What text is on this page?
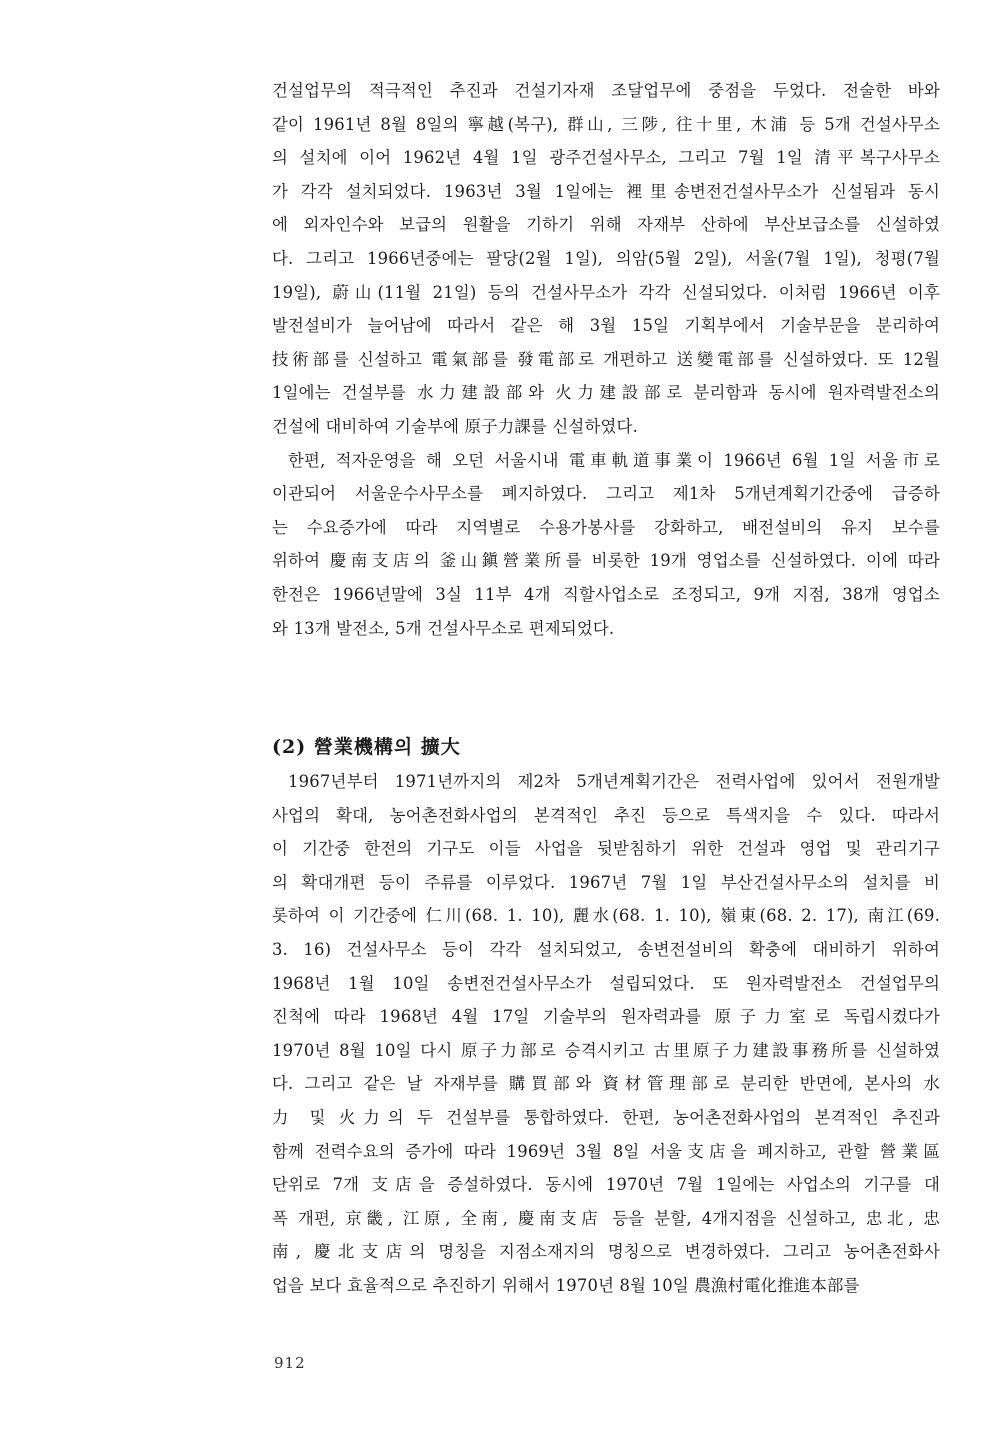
건설업무의 적극적인 추진과 건설기자재 조달업무에 중점을 두었다. 전술한 바와

같이 1961년 8월 8일의 寧越(복구), 群山, 三陟, 往十里, 木浦 등 5개 건설사무소

의 설치에 이어 1962년 4월 1일 광주건설사무소, 그리고 7월 1일 清平복구사무소

가 각각 설치되었다. 1963년 3월 1일에는 裡里송변전건설사무소가 신설됨과 동시

에 외자인수와 보급의 원활을 기하기 위해 자재부 산하에 부산보급소를 신설하였

다. 그리고 1966년중에는 팔당(2월 1일), 의암(5월 2일), 서울(7월 1일), 청평(7월

19일), 蔚山(11월 21일) 등의 건설사무소가 각각 신설되었다. 이처럼 1966년 이후

발전설비가 늘어남에 따라서 같은 해 3월 15일 기획부에서 기술부문을 분리하여

技術部를 신설하고 電氣部를 發電部로 개편하고 送變電部를 신설하였다. 또 12월

1일에는 건설부를 水力建設部와 火力建設部로 분리함과 동시에 원자력발전소의

건설에 대비하여 기술부에 原子力課를 신설하였다.

한편, 적자운영을 해 오던 서울시내 電車軌道事業이 1966년 6월 1일 서울市로

이관되어 서울운수사무소를 폐지하였다. 그리고 제1차 5개년계획기간중에 급증하

는 수요증가에 따라 지역별로 수용가봉사를 강화하고, 배전설비의 유지 보수를

위하여 慶南支店의 釜山鎭營業所를 비롯한 19개 영업소를 신설하였다. 이에 따라

한전은 1966년말에 3실 11부 4개 직할사업소로 조정되고, 9개 지점, 38개 영업소

와 13개 발전소, 5개 건설사무소로 편제되었다.

(2) 營業機構의 擴大

1967년부터 1971년까지의 제2차 5개년계획기간은 전력사업에 있어서 전원개발

사업의 확대, 농어촌전화사업의 본격적인 추진 등으로 특색지을 수 있다. 따라서

이 기간중 한전의 기구도 이들 사업을 뒷받침하기 위한 건설과 영업 및 관리기구

의 확대개편 등이 주류를 이루었다. 1967년 7월 1일 부산건설사무소의 설치를 비

롯하여 이 기간중에 仁川(68. 1. 10), 麗水(68. 1. 10), 嶺東(68. 2. 17), 南江(69.

3. 16) 건설사무소 등이 각각 설치되었고, 송변전설비의 확충에 대비하기 위하여

1968년 1월 10일 송변전건설사무소가 설립되었다. 또 원자력발전소 건설업무의

진척에 따라 1968년 4월 17일 기술부의 원자력과를 原子力室로 독립시켰다가

1970년 8월 10일 다시 原子力部로 승격시키고 古里原子力建設事務所를 신설하였

다. 그리고 같은 날 자재부를 購買部와 資材管理部로 분리한 반면에, 본사의 水

力 및 火力의 두 건설부를 통합하였다. 한편, 농어촌전화사업의 본격적인 추진과

함께 전력수요의 증가에 따라 1969년 3월 8일 서울支店을 폐지하고, 관할 營業區

단위로 7개 支店을 증설하였다. 동시에 1970년 7월 1일에는 사업소의 기구를 대

폭 개편, 京畿, 江原, 全南, 慶南支店 등을 분할, 4개지점을 신설하고, 忠北, 忠

南, 慶北支店의 명칭을 지점소재지의 명칭으로 변경하였다. 그리고 농어촌전화사

업을 보다 효율적으로 추진하기 위해서 1970년 8월 10일 農漁村電化推進本部를

912
